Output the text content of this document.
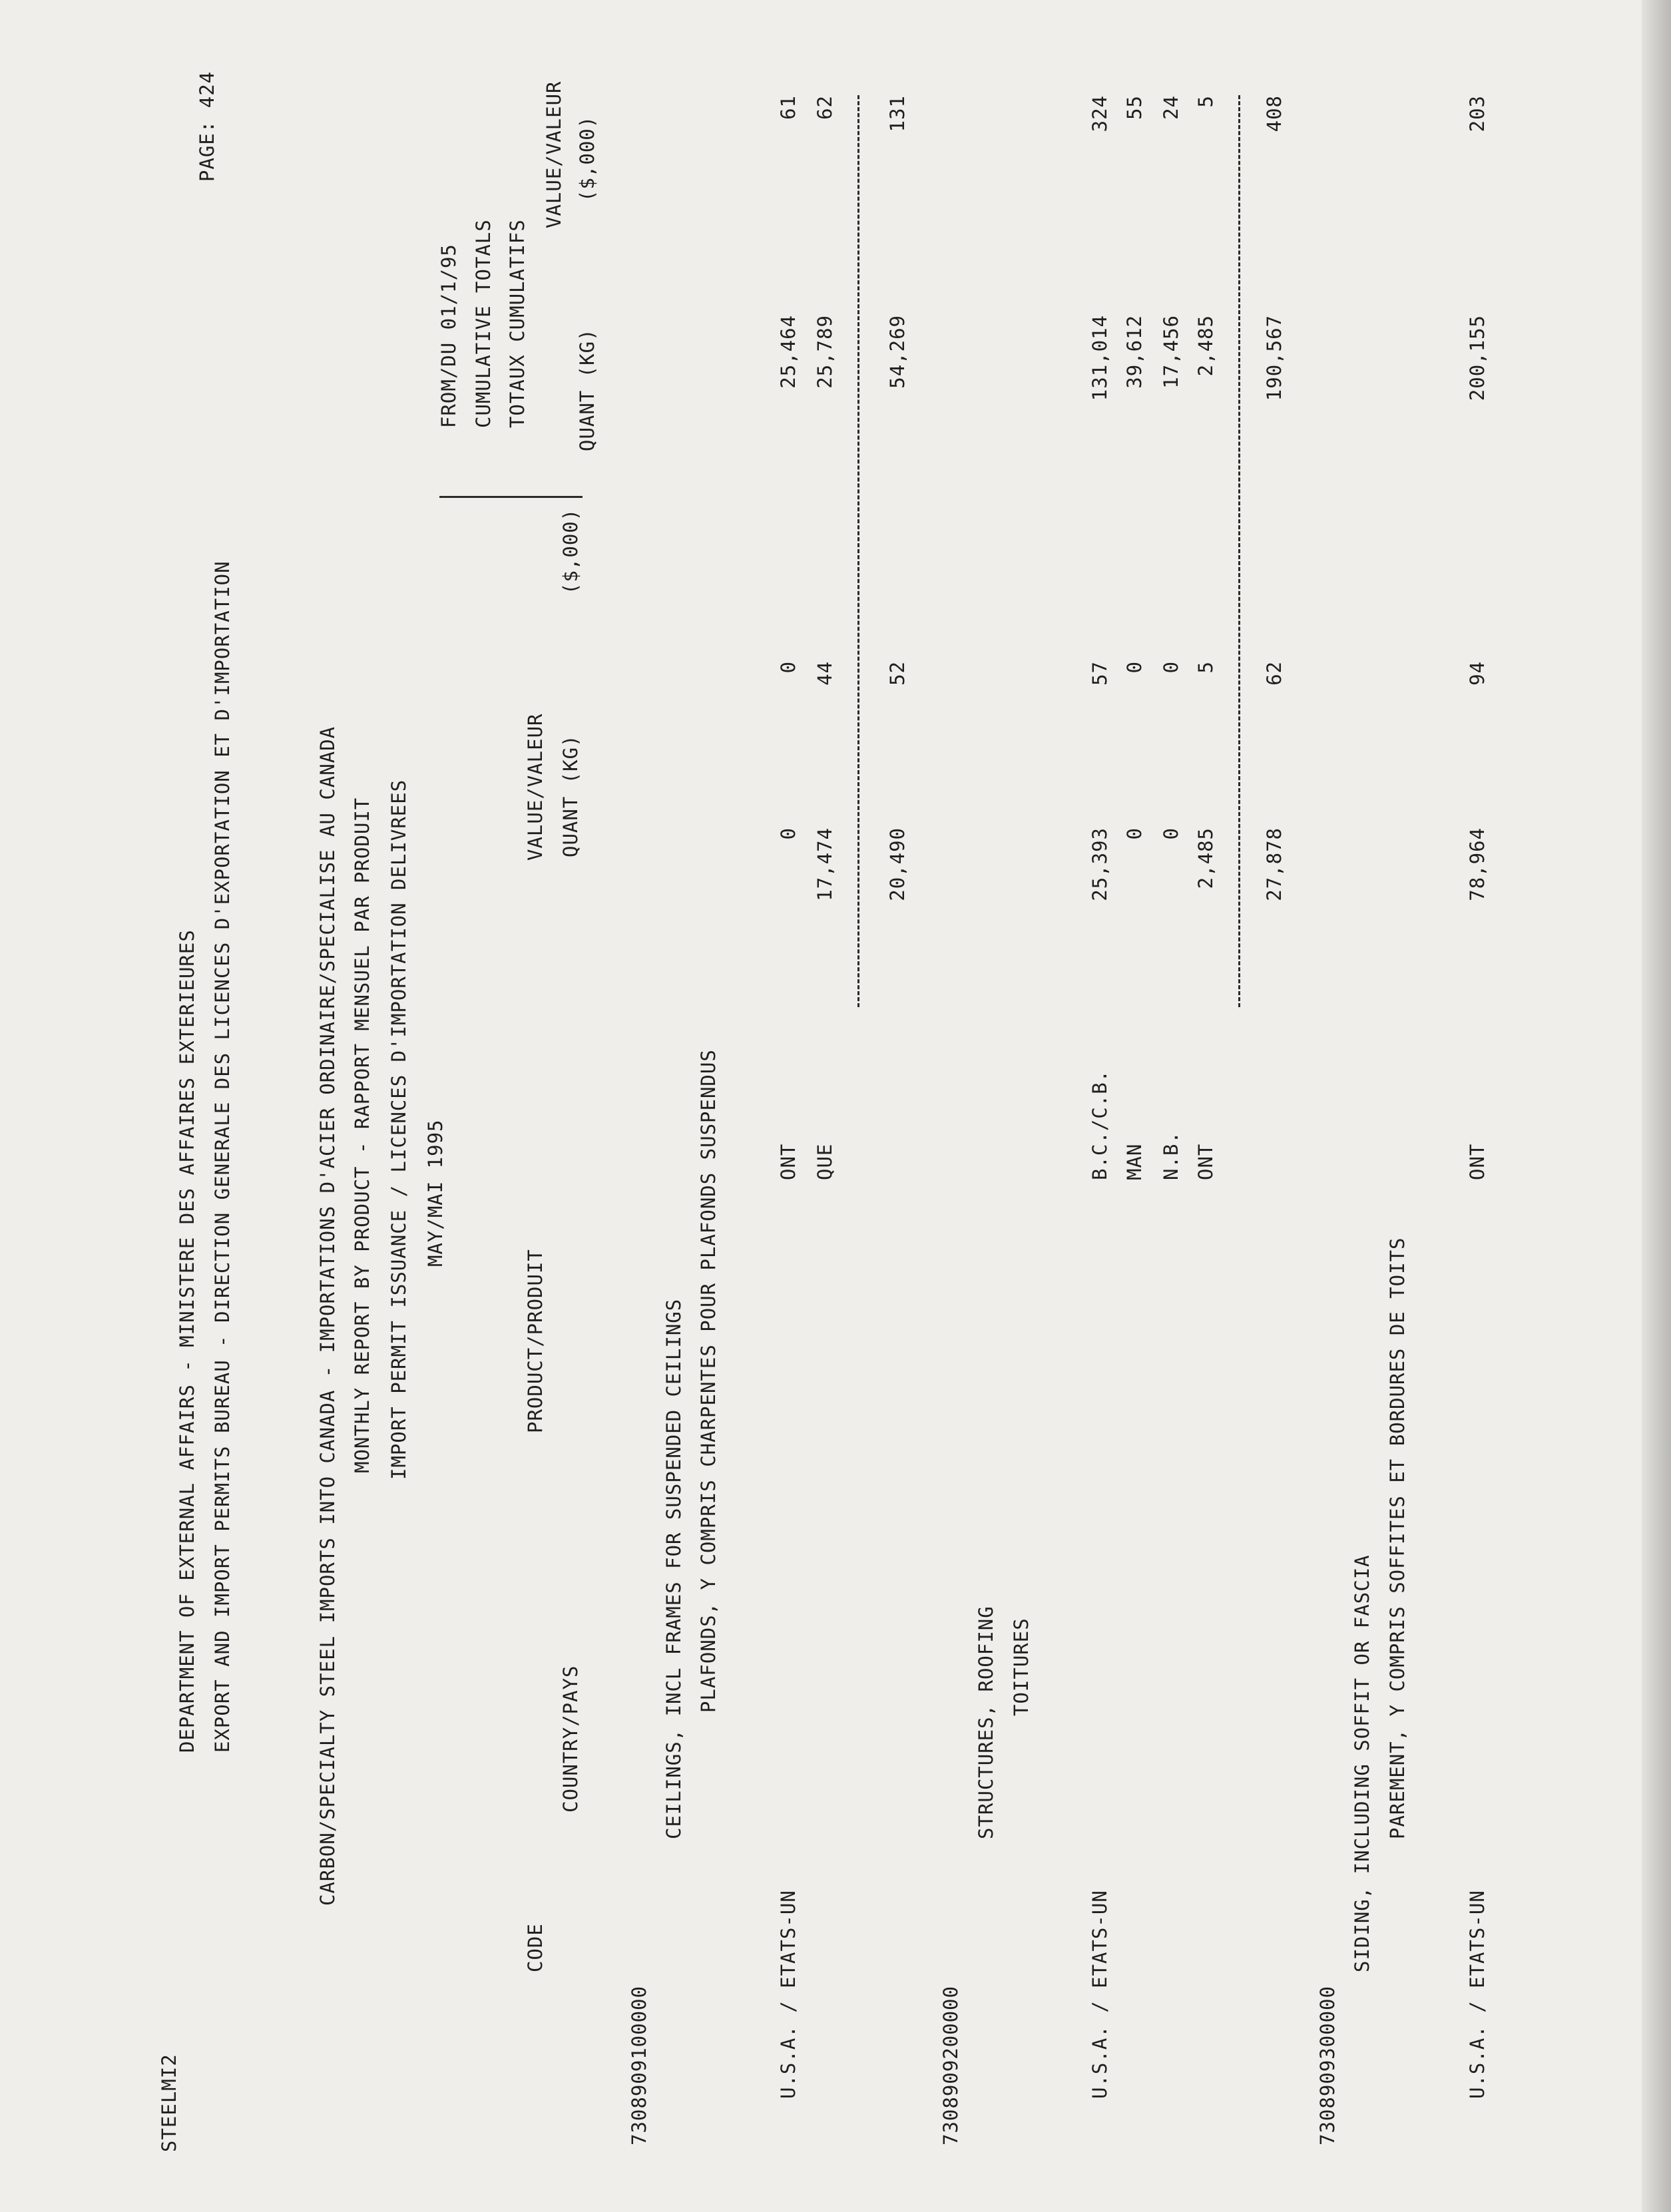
STEELMI2
DEPARTMENT OF EXTERNAL AFFAIRS - MINISTERE DES AFFAIRES EXTERIEURES EXPORT AND IMPORT PERMITS BUREAU - DIRECTION GENERALE DES LICENCES D'EXPORTATION ET D'IMPORTATION
PAGE: 424
CARBON/SPECIALTY STEEL IMPORTS INTO CANADA - IMPORTATIONS D'ACIER ORDINAIRE/SPECIALISE AU CANADA MONTHLY REPORT BY PRODUCT - RAPPORT MENSUEL PAR PRODUIT IMPORT PERMIT ISSUANCE / LICENCES D'IMPORTATION DELIVREES MAY/MAI 1995
PRODUCT/PRODUIT
CODE
COUNTRY/PAYS
VALUE/VALEUR QUANT (KG)
($,000)
FROM/DU 01/1/95 CUMULATIVE TOTALS TOTAUX CUMULATIFS
VALUE/VALEUR
QUANT (KG)
($,000)
7308909100000
CEILINGS, INCL FRAMES FOR SUSPENDED CEILINGS PLAFONDS, Y COMPRIS CHARPENTES POUR PLAFONDS SUSPENDUS
U.S.A. / ETATS-UN
ONT
0
0
25,464
61
QUE
17,474
44
25,789
62
20,490
52
54,269
131
7308909200000
STRUCTURES, ROOFING TOITURES
U.S.A. / ETATS-UN
B.C./C.B.
25,393
57
131,014
324
MAN
0
0
39,612
55
N.B.
0
0
17,456
24
ONT
2,485
5
2,485
5
27,878
62
190,567
408
7308909300000
SIDING, INCLUDING SOFFIT OR FASCIA PAREMENT, Y COMPRIS SOFFITES ET BORDURES DE TOITS
U.S.A. / ETATS-UN
ONT
78,964
94
200,155
203
